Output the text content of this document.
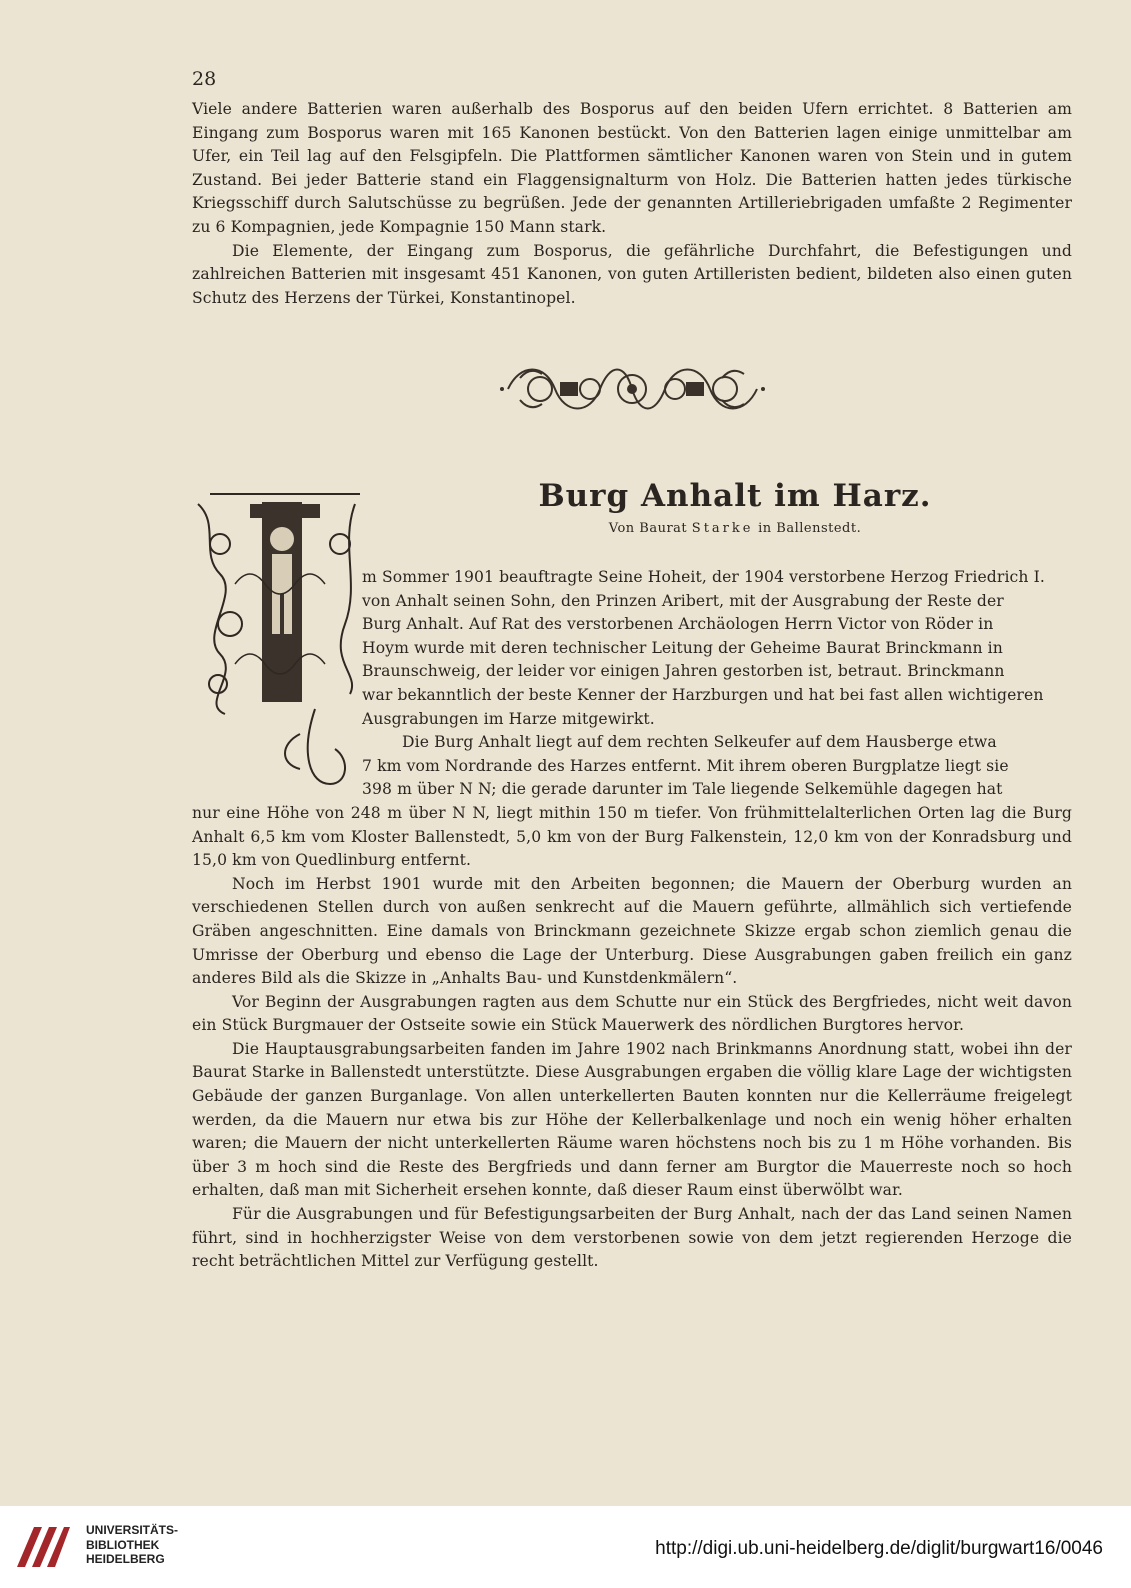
28

Viele andere Batterien waren außerhalb des Bosporus auf den beiden Ufern errichtet. 8 Batterien am Eingang zum Bosporus waren mit 165 Kanonen bestückt. Von den Batterien lagen einige unmittelbar am Ufer, ein Teil lag auf den Felsgipfeln. Die Plattformen sämtlicher Kanonen waren von Stein und in gutem Zustand. Bei jeder Batterie stand ein Flaggensignalturm von Holz. Die Batterien hatten jedes türkische Kriegsschiff durch Salutschüsse zu begrüßen. Jede der genannten Artilleriebrigaden umfaßte 2 Regimenter zu 6 Kompagnien, jede Kompagnie 150 Mann stark.

Die Elemente, der Eingang zum Bosporus, die gefährliche Durchfahrt, die Befestigungen und zahlreichen Batterien mit insgesamt 451 Kanonen, von guten Artilleristen bedient, bildeten also einen guten Schutz des Herzens der Türkei, Konstantinopel.

Burg Anhalt im Harz.
Von Baurat Starke in Ballenstedt.

m Sommer 1901 beauftragte Seine Hoheit, der 1904 verstorbene Herzog Friedrich I.

von Anhalt seinen Sohn, den Prinzen Aribert, mit der Ausgrabung der Reste der

Burg Anhalt. Auf Rat des verstorbenen Archäologen Herrn Victor von Röder in

Hoym wurde mit deren technischer Leitung der Geheime Baurat Brinckmann in

Braunschweig, der leider vor einigen Jahren gestorben ist, betraut. Brinckmann

war bekanntlich der beste Kenner der Harzburgen und hat bei fast allen wichtigeren

Ausgrabungen im Harze mitgewirkt.

Die Burg Anhalt liegt auf dem rechten Selkeufer auf dem Hausberge etwa

7 km vom Nordrande des Harzes entfernt. Mit ihrem oberen Burgplatze liegt sie

398 m über N N; die gerade darunter im Tale liegende Selkemühle dagegen hat

nur eine Höhe von 248 m über N N, liegt mithin 150 m tiefer. Von frühmittelalterlichen Orten lag die Burg Anhalt 6,5 km vom Kloster Ballenstedt, 5,0 km von der Burg Falkenstein, 12,0 km von der Konradsburg und 15,0 km von Quedlinburg entfernt.

Noch im Herbst 1901 wurde mit den Arbeiten begonnen; die Mauern der Oberburg wurden an verschiedenen Stellen durch von außen senkrecht auf die Mauern geführte, allmählich sich vertiefende Gräben angeschnitten. Eine damals von Brinckmann gezeichnete Skizze ergab schon ziemlich genau die Umrisse der Oberburg und ebenso die Lage der Unterburg. Diese Ausgrabungen gaben freilich ein ganz anderes Bild als die Skizze in „Anhalts Bau- und Kunstdenkmälern“.

Vor Beginn der Ausgrabungen ragten aus dem Schutte nur ein Stück des Bergfriedes, nicht weit davon ein Stück Burgmauer der Ostseite sowie ein Stück Mauerwerk des nördlichen Burgtores hervor.

Die Hauptausgrabungsarbeiten fanden im Jahre 1902 nach Brinkmanns Anordnung statt, wobei ihn der Baurat Starke in Ballenstedt unterstützte. Diese Ausgrabungen ergaben die völlig klare Lage der wichtigsten Gebäude der ganzen Burganlage. Von allen unterkellerten Bauten konnten nur die Kellerräume freigelegt werden, da die Mauern nur etwa bis zur Höhe der Kellerbalkenlage und noch ein wenig höher erhalten waren; die Mauern der nicht unterkellerten Räume waren höchstens noch bis zu 1 m Höhe vorhanden. Bis über 3 m hoch sind die Reste des Bergfrieds und dann ferner am Burgtor die Mauerreste noch so hoch erhalten, daß man mit Sicherheit ersehen konnte, daß dieser Raum einst überwölbt war.

Für die Ausgrabungen und für Befestigungsarbeiten der Burg Anhalt, nach der das Land seinen Namen führt, sind in hochherzigster Weise von dem verstorbenen sowie von dem jetzt regierenden Herzoge die recht beträchtlichen Mittel zur Verfügung gestellt.

UNIVERSITÄTS-
BIBLIOTHEK
HEIDELBERG	http://digi.ub.uni-heidelberg.de/diglit/burgwart16/0046
